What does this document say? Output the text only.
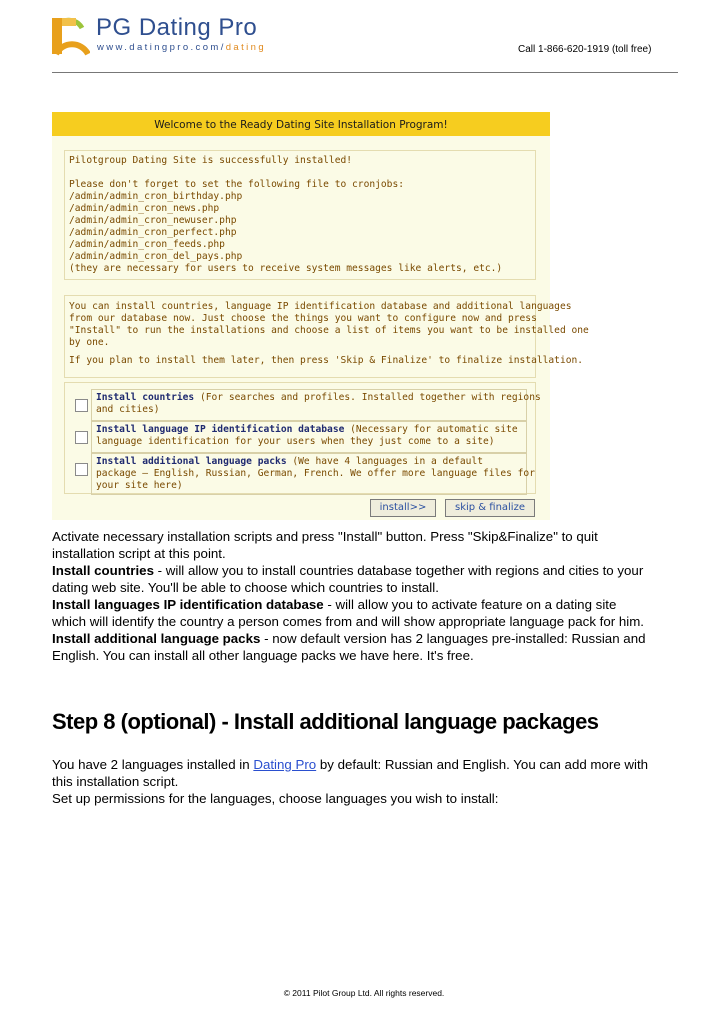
PG Dating Pro
www.datingpro.com/dating	Call 1-866-620-1919 (toll free)
Welcome to the Ready Dating Site Installation Program!
Pilotgroup Dating Site is successfully installed!
Please don't forget to set the following file to cronjobs:
/admin/admin_cron_birthday.php
/admin/admin_cron_news.php
/admin/admin_cron_newuser.php
/admin/admin_cron_perfect.php
/admin/admin_cron_feeds.php
/admin/admin_cron_del_pays.php
(they are necessary for users to receive system messages like alerts, etc.)
You can install countries, language IP identification database and additional languages
from our database now. Just choose the things you want to configure now and press
"Install" to run the installations and choose a list of items you want to be installed one
by one.
If you plan to install them later, then press 'Skip & Finalize' to finalize installation.
Install countries (For searches and profiles. Installed together with regions
and cities)
Install language IP identification database (Necessary for automatic site
language identification for your users when they just come to a site)
Install additional language packs (We have 4 languages in a default
package – English, Russian, German, French. We offer more language files for
your site here)
install>>	skip & finalize
Activate necessary installation scripts and press "Install" button. Press "Skip&Finalize" to quit
installation script at this point.
Install countries - will allow you to install countries database together with regions and cities to your
dating web site. You'll be able to choose which countries to install.
Install languages IP identification database - will allow you to activate feature on a dating site
which will identify the country a person comes from and will show appropriate language pack for him.
Install additional language packs - now default version has 2 languages pre-installed: Russian and
English. You can install all other language packs we have here. It's free.
Step 8 (optional) - Install additional language packages
You have 2 languages installed in Dating Pro by default: Russian and English. You can add more with
this installation script.
Set up permissions for the languages, choose languages you wish to install:
© 2011 Pilot Group Ltd. All rights reserved.
